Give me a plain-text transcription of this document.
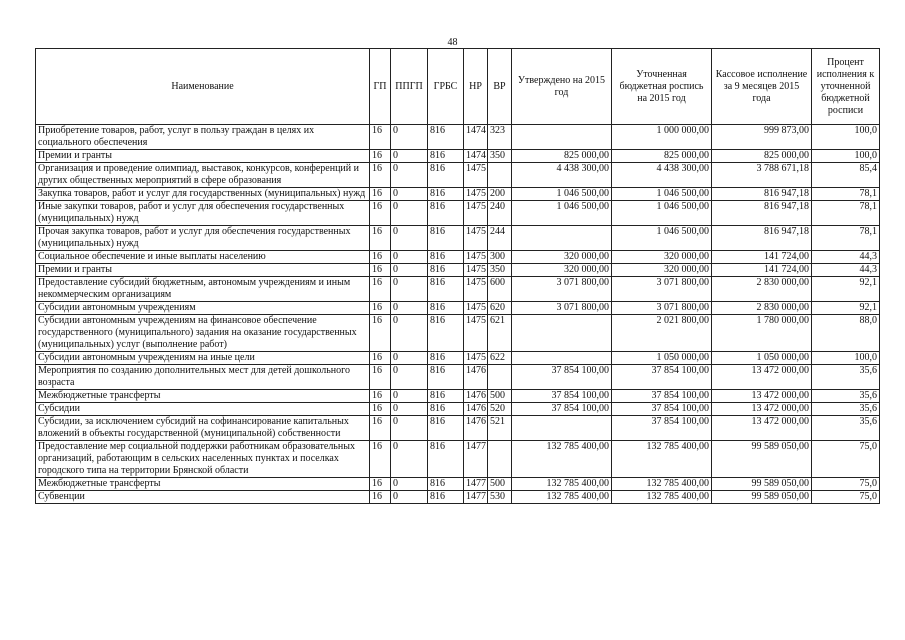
48
Наименование	ГП	ППГП	ГРБС	НР	ВР	Утверждено на 2015 год	Уточненная бюджетная роспись на 2015 год	Кассовое исполнение за 9 месяцев 2015 года	Процент исполнения к уточненной бюджетной росписи
Приобретение товаров, работ, услуг в пользу граждан в целях их социального обеспечения	16	0	816	1474	323		1 000 000,00	999 873,00	100,0
Премии и гранты	16	0	816	1474	350	825 000,00	825 000,00	825 000,00	100,0
Организация и проведение олимпиад, выставок, конкурсов, конференций и других общественных мероприятий в сфере образования	16	0	816	1475		4 438 300,00	4 438 300,00	3 788 671,18	85,4
Закупка товаров, работ и услуг для государственных (муниципальных) нужд	16	0	816	1475	200	1 046 500,00	1 046 500,00	816 947,18	78,1
Иные закупки товаров, работ и услуг для обеспечения государственных (муниципальных) нужд	16	0	816	1475	240	1 046 500,00	1 046 500,00	816 947,18	78,1
Прочая закупка товаров, работ и услуг для обеспечения государственных (муниципальных) нужд	16	0	816	1475	244		1 046 500,00	816 947,18	78,1
Социальное обеспечение и иные выплаты населению	16	0	816	1475	300	320 000,00	320 000,00	141 724,00	44,3
Премии и гранты	16	0	816	1475	350	320 000,00	320 000,00	141 724,00	44,3
Предоставление субсидий бюджетным, автономым учреждениям и иным некоммерческим организациям	16	0	816	1475	600	3 071 800,00	3 071 800,00	2 830 000,00	92,1
Субсидии автономным учреждениям	16	0	816	1475	620	3 071 800,00	3 071 800,00	2 830 000,00	92,1
Субсидии автономным учреждениям на финансовое обеспечение государственного (муниципального) задания на оказание государственных (муниципальных) услуг (выполнение работ)	16	0	816	1475	621		2 021 800,00	1 780 000,00	88,0
Субсидии автономным учреждениям на иные цели	16	0	816	1475	622		1 050 000,00	1 050 000,00	100,0
Мероприятия по созданию дополнительных мест для детей дошкольного возраста	16	0	816	1476		37 854 100,00	37 854 100,00	13 472 000,00	35,6
Межбюджетные трансферты	16	0	816	1476	500	37 854 100,00	37 854 100,00	13 472 000,00	35,6
Субсидии	16	0	816	1476	520	37 854 100,00	37 854 100,00	13 472 000,00	35,6
Субсидии, за исключением субсидий на софинансирование капитальных вложений в объекты государственной (муниципальной) собственности	16	0	816	1476	521		37 854 100,00	13 472 000,00	35,6
Предоставление мер социальной поддержки работникам образовательных организаций, работающим в сельских населенных пунктах и поселках городского типа на территории Брянской области	16	0	816	1477		132 785 400,00	132 785 400,00	99 589 050,00	75,0
Межбюджетные трансферты	16	0	816	1477	500	132 785 400,00	132 785 400,00	99 589 050,00	75,0
Субвенции	16	0	816	1477	530	132 785 400,00	132 785 400,00	99 589 050,00	75,0
